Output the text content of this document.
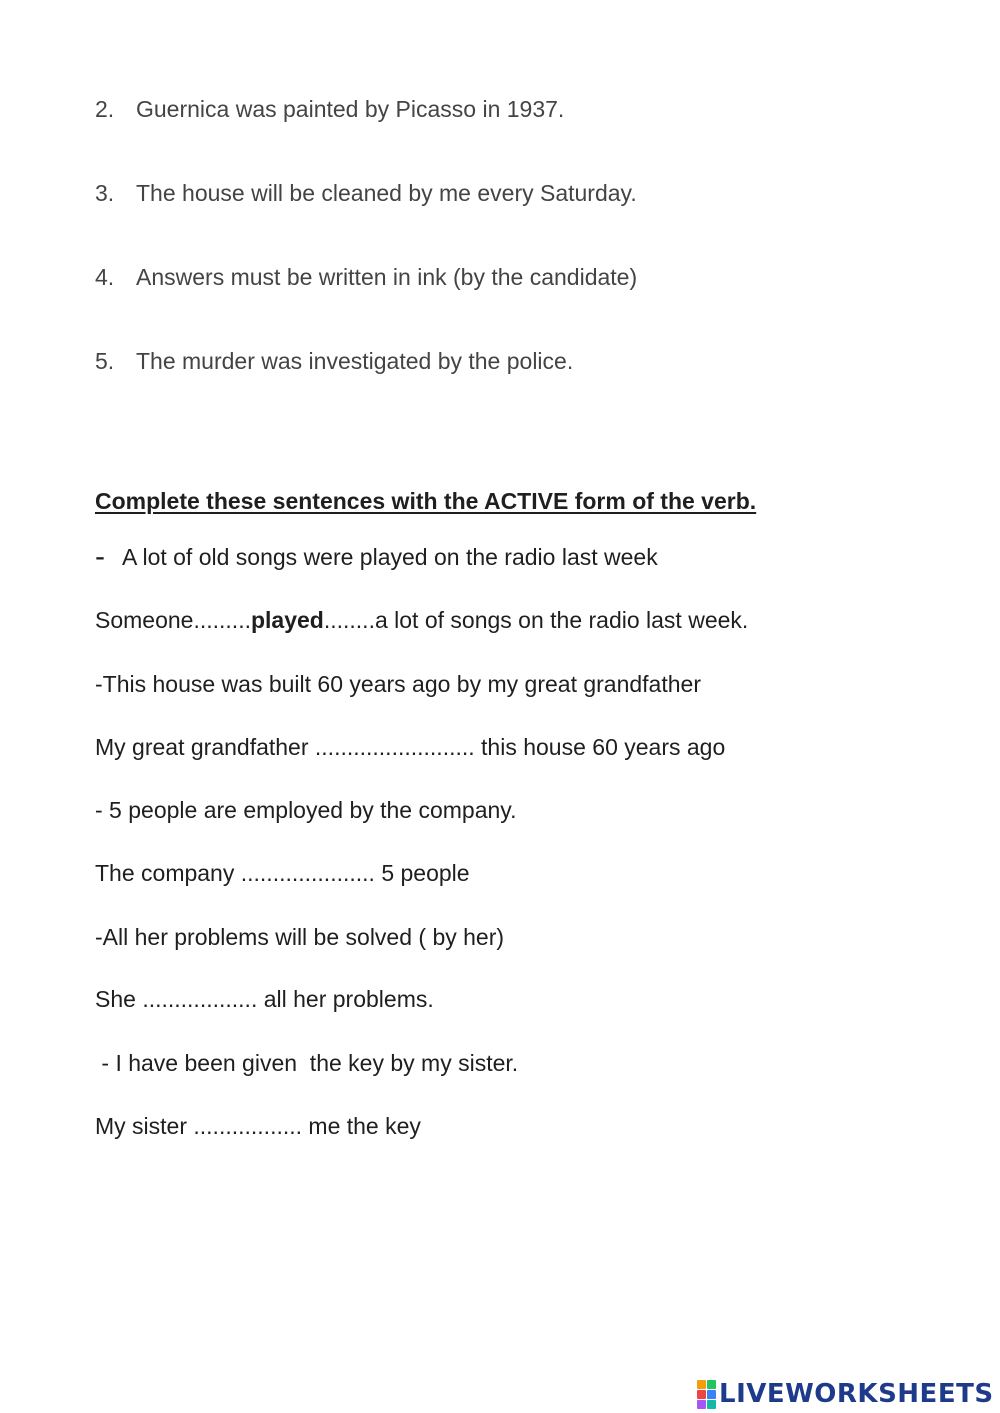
2. Guernica was painted by Picasso in 1937.
3. The house will be cleaned by me every Saturday.
4. Answers must be written in ink (by the candidate)
5. The murder was investigated by the police.
Complete these sentences with the ACTIVE form of the verb.
- A lot of old songs were played on the radio last week
Someone.........played........a lot of songs on the radio last week.
-This house was built 60 years ago by my great grandfather
My great grandfather ......................... this house 60 years ago
- 5 people are employed by the company.
The company ..................... 5 people
-All her problems will be solved ( by her)
She .................. all her problems.
- I have been given  the key by my sister.
My sister ................. me the key
LIVEWORKSHEETS
